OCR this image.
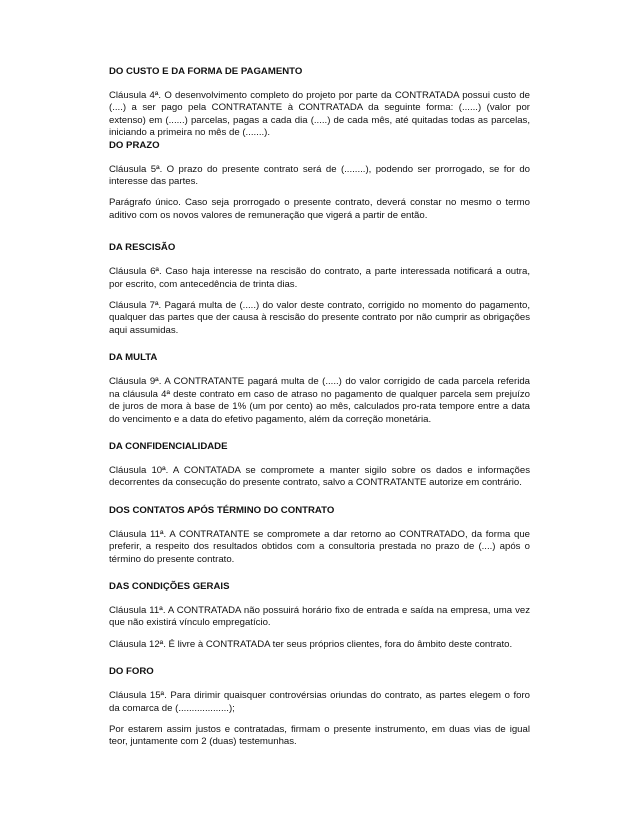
DO CUSTO E DA FORMA DE PAGAMENTO

Cláusula 4ª. O desenvolvimento completo do projeto por parte da CONTRATADA possui custo de (....) a ser pago pela CONTRATANTE à CONTRATADA da seguinte forma: (......) (valor por extenso) em (......) parcelas, pagas a cada dia (.....) de cada mês, até quitadas todas as parcelas, iniciando a primeira no mês de (.......).

DO PRAZO

Cláusula 5ª. O prazo do presente contrato será de (........), podendo ser prorrogado, se for do interesse das partes.

Parágrafo único. Caso seja prorrogado o presente contrato, deverá constar no mesmo o termo aditivo com os novos valores de remuneração que vigerá a partir de então.

DA RESCISÃO

Cláusula 6ª. Caso haja interesse na rescisão do contrato, a parte interessada notificará a outra, por escrito, com antecedência de trinta dias.

Cláusula 7ª. Pagará multa de (.....) do valor deste contrato, corrigido no momento do pagamento, qualquer das partes que der causa à rescisão do presente contrato por não cumprir as obrigações aqui assumidas.

DA MULTA

Cláusula 9ª. A CONTRATANTE pagará multa de (.....) do valor corrigido de cada parcela referida na cláusula 4ª deste contrato em caso de atraso no pagamento de qualquer parcela sem prejuízo de juros de mora à base de 1% (um por cento) ao mês, calculados pro-rata tempore entre a data do vencimento e a data do efetivo pagamento, além da correção monetária.

DA CONFIDENCIALIDADE

Cláusula 10ª. A CONTATADA se compromete a manter sigilo sobre os dados e informações decorrentes da consecução do presente contrato, salvo a CONTRATANTE autorize em contrário.

DOS CONTATOS APÓS TÉRMINO DO CONTRATO

Cláusula 11ª. A CONTRATANTE se compromete a dar retorno ao CONTRATADO, da forma que preferir, a respeito dos resultados obtidos com a consultoria prestada no prazo de (....) após o término do presente contrato.

DAS CONDIÇÕES GERAIS

Cláusula 11ª. A CONTRATADA não possuirá horário fixo de entrada e saída na empresa, uma vez que não existirá vínculo empregatício.

Cláusula 12ª. É livre à CONTRATADA ter seus próprios clientes, fora do âmbito deste contrato.

DO FORO

Cláusula 15ª. Para dirimir quaisquer controvérsias oriundas do contrato, as partes elegem o foro da comarca de (...................);

Por estarem assim justos e contratadas, firmam o presente instrumento, em duas vias de igual teor, juntamente com 2 (duas) testemunhas.
